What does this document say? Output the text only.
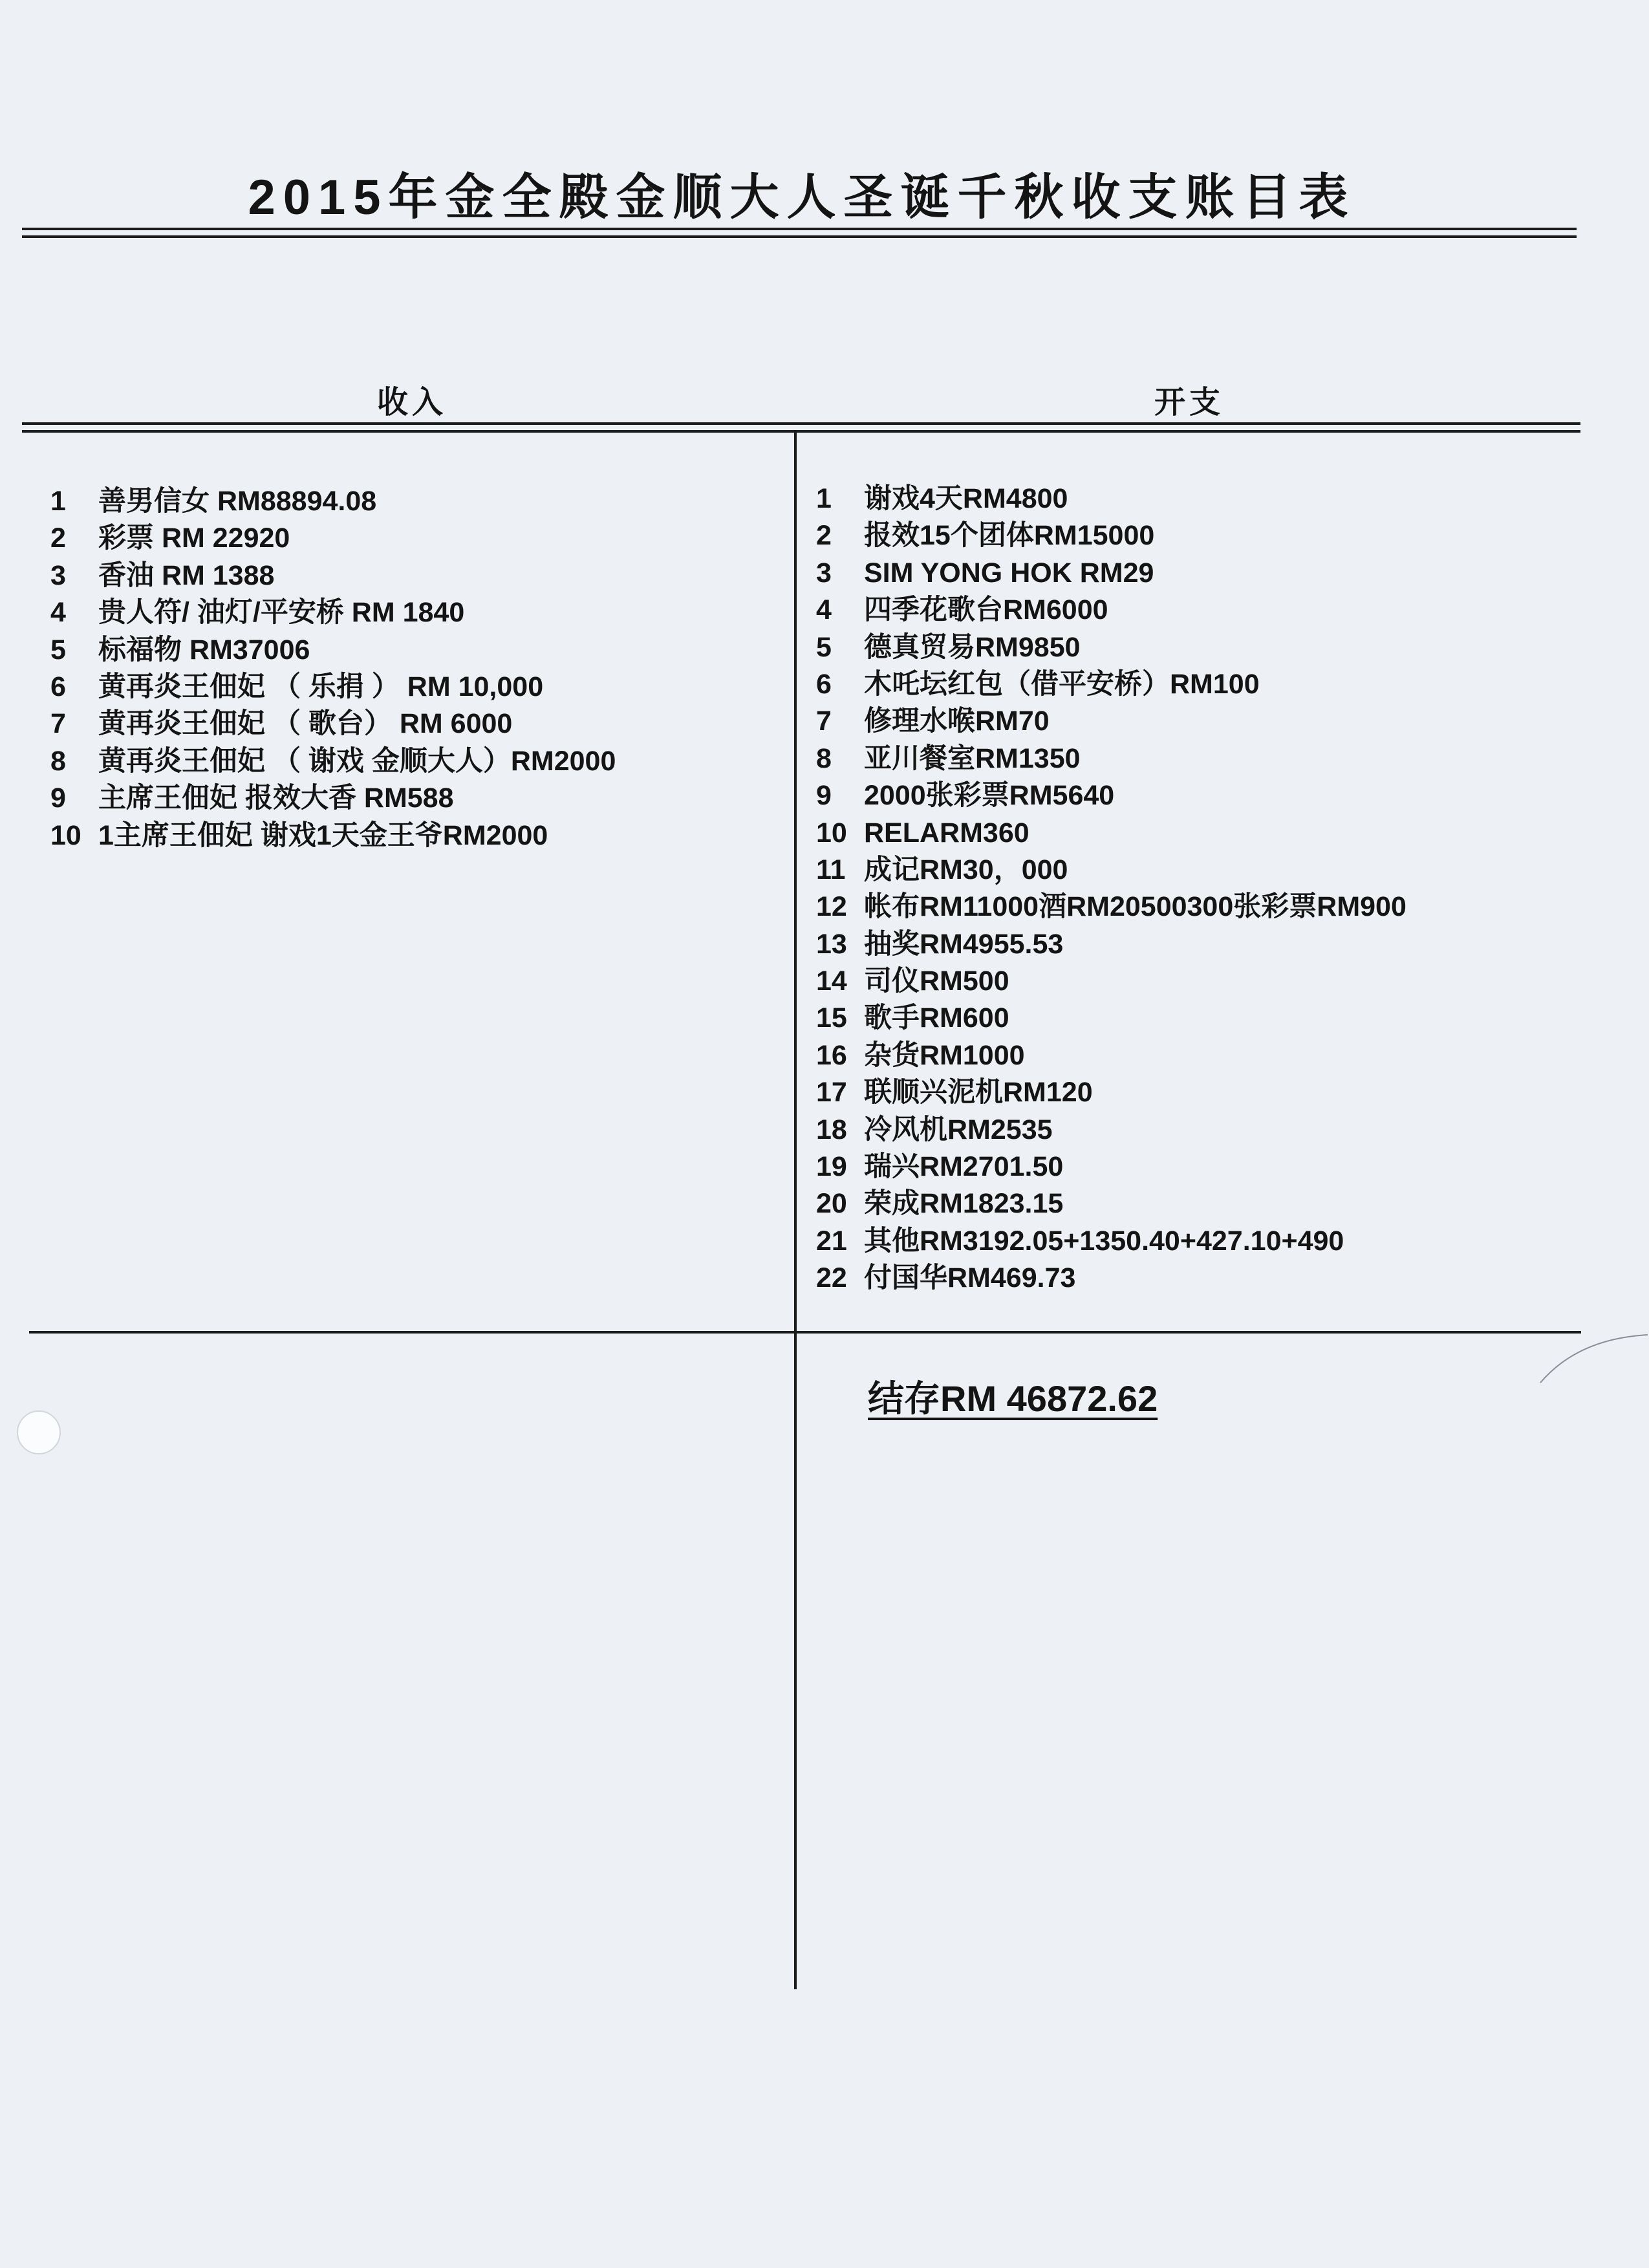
2015年金全殿金顺大人圣诞千秋收支账目表
收入	开支
1	善男信女 RM88894.08
2	彩票 RM 22920
3	香油 RM 1388
4	贵人符/ 油灯/平安桥 RM 1840
5	标福物 RM37006
6	黄再炎王佃妃 （ 乐捐 ） RM 10,000
7	黄再炎王佃妃 （ 歌台） RM 6000
8	黄再炎王佃妃 （ 谢戏 金顺大人）RM2000
9	主席王佃妃 报效大香 RM588
10 1主席王佃妃 谢戏1天金王爷RM2000
1	谢戏4天RM4800
2	报效15个团体RM15000
3	SIM YONG HOK RM29
4	四季花歌台RM6000
5	德真贸易RM9850
6	木吒坛红包（借平安桥）RM100
7	修理水喉RM70
8	亚川餐室RM1350
9	2000张彩票RM5640
10 RELARM360
11 成记RM30，000
12 帐布RM11000酒RM20500300张彩票RM900
13 抽奖RM4955.53
14 司仪RM500
15 歌手RM600
16 杂货RM1000
17 联顺兴泥机RM120
18 冷风机RM2535
19 瑞兴RM2701.50
20 荣成RM1823.15
21 其他RM3192.05+1350.40+427.10+490
22 付国华RM469.73
结存RM 46872.62
